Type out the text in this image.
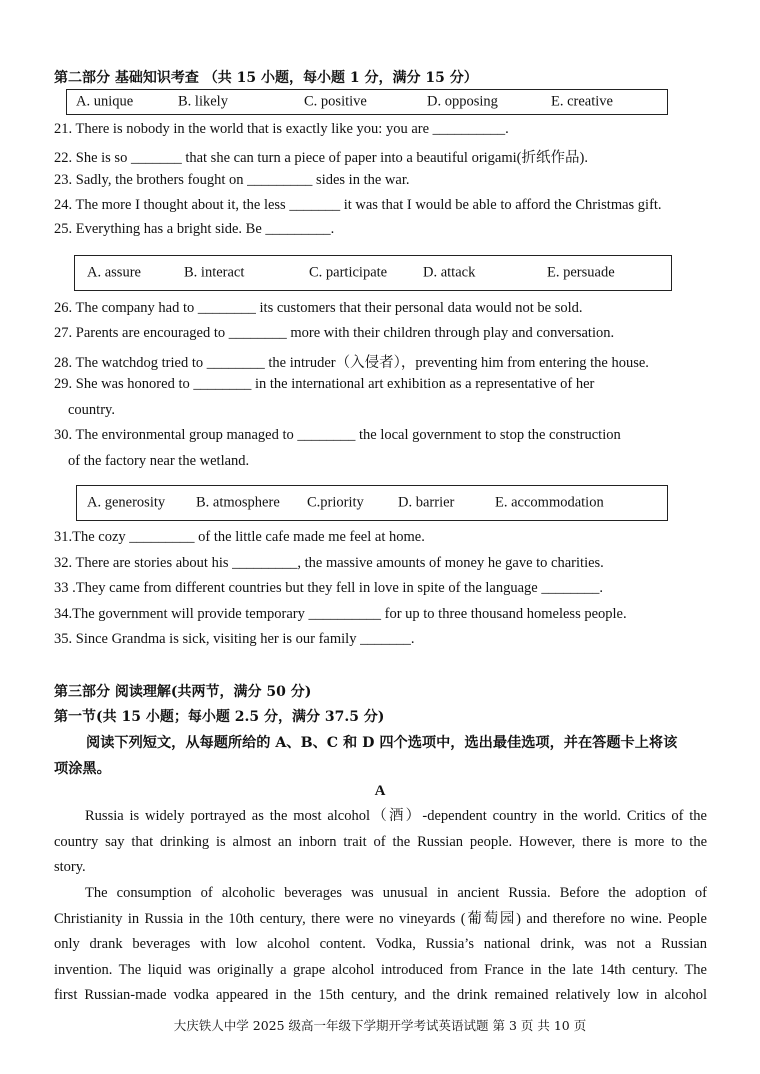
第二部分 基础知识考查 （共 15 小题，每小题 1 分，满分 15 分）
A. unique	B. likely	C. positive	D. opposing	E. creative
21. There is nobody in the world that is exactly like you: you are __________.
22. She is so _______ that she can turn a piece of paper into a beautiful origami(折纸作品).
23. Sadly, the brothers fought on _________ sides in the war.
24. The more I thought about it, the less _______ it was that I would be able to afford the Christmas gift.
25. Everything has a bright side. Be _________.
A. assure	B. interact	C. participate D. attack	E. persuade
26. The company had to ________ its customers that their personal data would not be sold.
27. Parents are encouraged to ________ more with their children through play and conversation.
28. The watchdog tried to ________ the intruder（入侵者），preventing him from entering the house.
29. She was honored to ________ in the international art exhibition as a representative of her
country.
30. The environmental group managed to ________ the local government to stop the construction
of the factory near the wetland.
A. generosity B. atmosphere C.priority D. barrier	E. accommodation
31.The cozy _________ of the little cafe made me feel at home.
32. There are stories about his _________, the massive amounts of money he gave to charities.
33 .They came from different countries but they fell in love in spite of the language ________.
34.The government will provide temporary __________ for up to three thousand homeless people.
35. Since Grandma is sick, visiting her is our family _______.
第三部分 阅读理解(共两节，满分 50 分)
第一节(共 15 小题；每小题 2.5 分，满分 37.5 分)
阅读下列短文，从每题所给的 A、B、C 和 D 四个选项中，选出最佳选项，并在答题卡上将该
项涂黑。
A
Russia is widely portrayed as the most alcohol（酒）-dependent country in the world. Critics of the
country say that drinking is almost an inborn trait of the Russian people. However, there is more to the
story.
The consumption of alcoholic beverages was unusual in ancient Russia. Before the adoption of
Christianity in Russia in the 10th century, there were no vineyards (葡萄园) and therefore no wine. People
only drank beverages with low alcohol content. Vodka, Russia’s national drink, was not a Russian
invention. The liquid was originally a grape alcohol introduced from France in the late 14th century. The
first Russian-made vodka appeared in the 15th century, and the drink remained relatively low in alcohol
大庆铁人中学 2025 级高一年级下学期开学考试英语试题 第 3 页 共 10 页
